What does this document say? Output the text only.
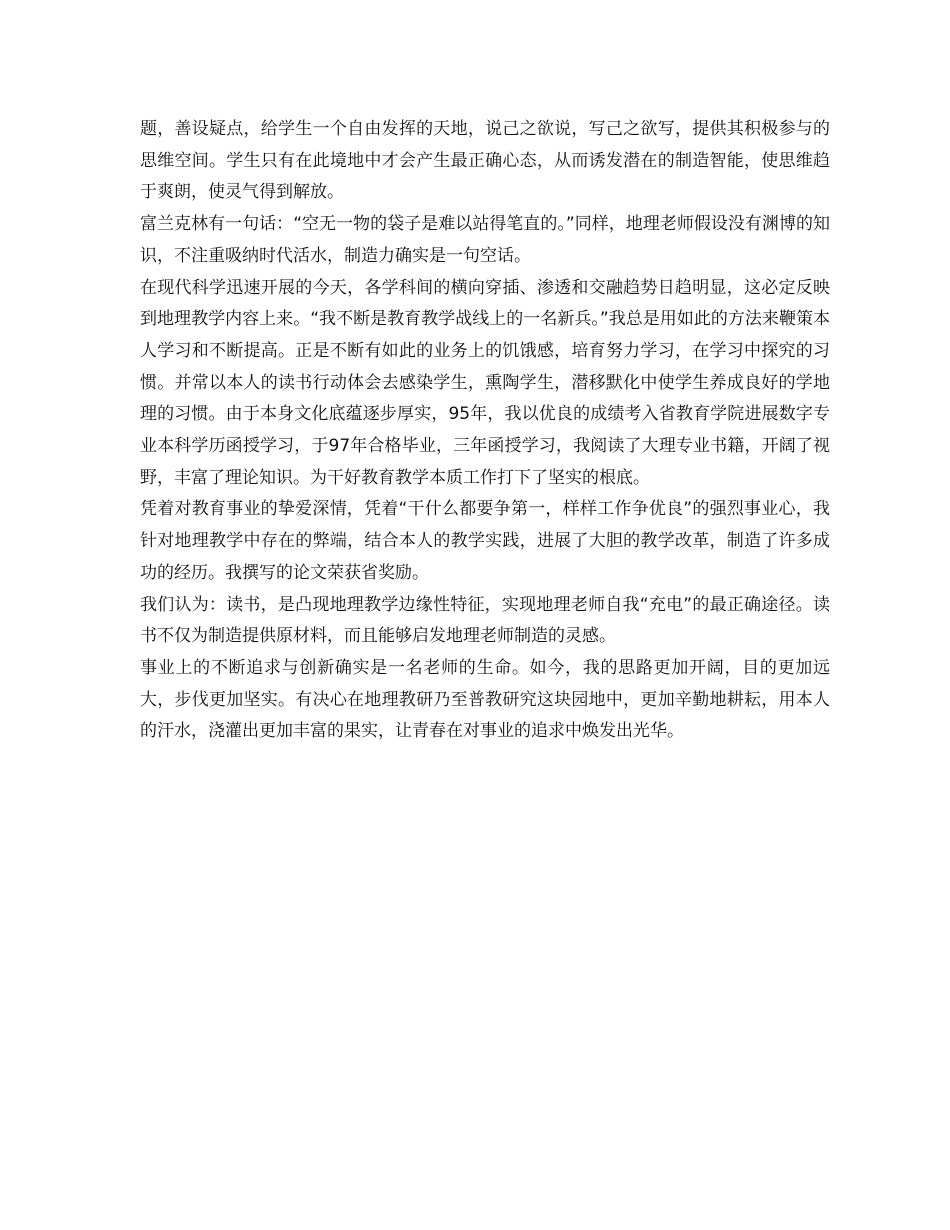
题，善设疑点，给学生一个自由发挥的天地，说己之欲说，写己之欲写，提供其积极参与的思维空间。学生只有在此境地中才会产生最正确心态，从而诱发潜在的制造智能，使思维趋于爽朗，使灵气得到解放。

富兰克林有一句话：“空无一物的袋子是难以站得笔直的。”同样，地理老师假设没有渊博的知识，不注重吸纳时代活水，制造力确实是一句空话。

在现代科学迅速开展的今天，各学科间的横向穿插、渗透和交融趋势日趋明显，这必定反映到地理教学内容上来。“我不断是教育教学战线上的一名新兵。”我总是用如此的方法来鞭策本人学习和不断提高。正是不断有如此的业务上的饥饿感，培育努力学习，在学习中探究的习惯。并常以本人的读书行动体会去感染学生，熏陶学生，潜移默化中使学生养成良好的学地理的习惯。由于本身文化底蕴逐步厚实，95年，我以优良的成绩考入省教育学院进展数字专业本科学历函授学习，于97年合格毕业，三年函授学习，我阅读了大理专业书籍，开阔了视野，丰富了理论知识。为干好教育教学本质工作打下了坚实的根底。

凭着对教育事业的挚爱深情，凭着“干什么都要争第一，样样工作争优良”的强烈事业心，我针对地理教学中存在的弊端，结合本人的教学实践，进展了大胆的教学改革，制造了许多成功的经历。我撰写的论文荣获省奖励。

我们认为：读书，是凸现地理教学边缘性特征，实现地理老师自我“充电”的最正确途径。读书不仅为制造提供原材料，而且能够启发地理老师制造的灵感。

事业上的不断追求与创新确实是一名老师的生命。如今，我的思路更加开阔，目的更加远大，步伐更加坚实。有决心在地理教研乃至普教研究这块园地中，更加辛勤地耕耘，用本人的汗水，浇灌出更加丰富的果实，让青春在对事业的追求中焕发出光华。
